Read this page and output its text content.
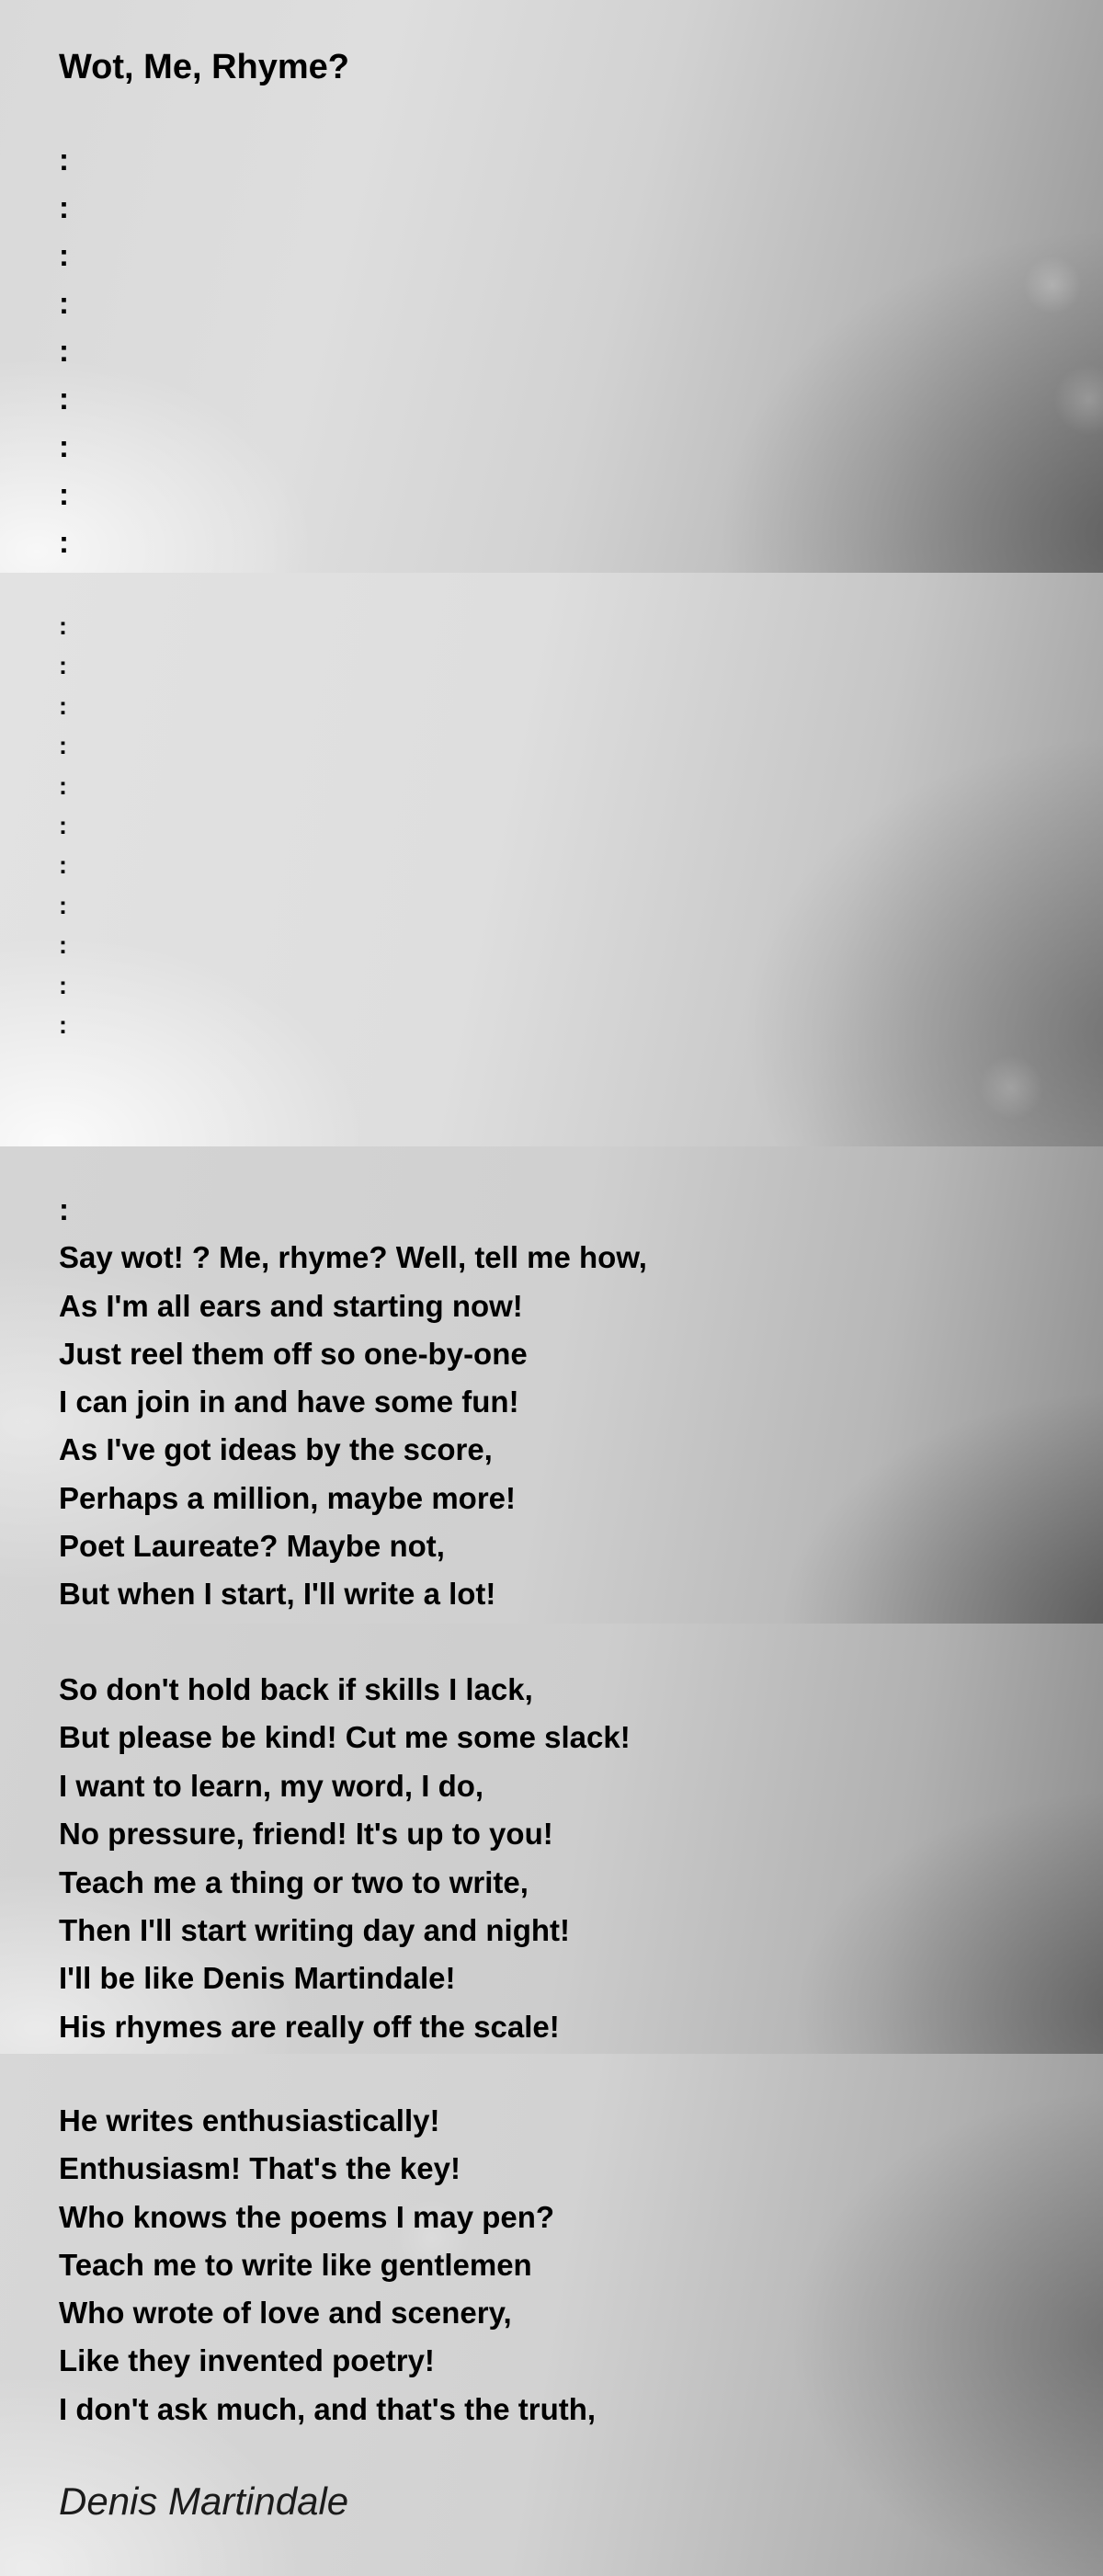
Wot, Me, Rhyme?
:
:
:
:
:
:
:
:
:
:
:
:
:
:
:
:
:
:
:
:
:
Say wot! ? Me, rhyme? Well, tell me how,
As I'm all ears and starting now!
Just reel them off so one-by-one
I can join in and have some fun!
As I've got ideas by the score,
Perhaps a million, maybe more!
Poet Laureate? Maybe not,
But when I start, I'll write a lot!
So don't hold back if skills I lack,
But please be kind! Cut me some slack!
I want to learn, my word, I do,
No pressure, friend! It's up to you!
Teach me a thing or two to write,
Then I'll start writing day and night!
I'll be like Denis Martindale!
His rhymes are really off the scale!
He writes enthusiastically!
Enthusiasm! That's the key!
Who knows the poems I may pen?
Teach me to write like gentlemen
Who wrote of love and scenery,
Like they invented poetry!
I don't ask much, and that's the truth,
Denis Martindale
